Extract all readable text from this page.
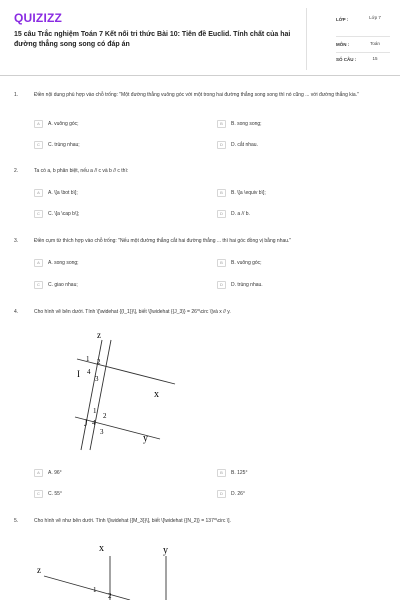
QUIZIZZ
15 câu Trắc nghiệm Toán 7 Kết nối tri thức Bài 10: Tiên đề Euclid. Tính chất của hai đường thẳng song song có đáp án
LỚP :	Lớp 7
MÔN :	Toán
SỐ CÂU :	15
1.	Điền nội dung phù hợp vào chỗ trống: "Một đường thẳng vuông góc với một trong hai đường thẳng song song thì nó cũng ... với đường thẳng kia."
A	A. vuông góc;	B	B. song song;
C	C. trùng nhau;	D	D. cắt nhau.
2.	Ta có a, b phân biệt, nếu a // c và b // c thì:
A	A. \[a \bot b\];	B	B. \[a \equiv b\];
C	C. \[a \cap b\];	D	D. a // b.
3.	Điền cụm từ thích hợp vào chỗ trống: "Nếu một đường thẳng cắt hai đường thẳng ... thì hai góc đồng vị bằng nhau."
A	A. song song;	B	B. vuông góc;
C	C. giao nhau;	D	D. trùng nhau.
4.	Cho hình vẽ bên dưới. Tính \[\widehat {{I_1}}\], biết \[\widehat {{J_3}} = 26^\circ \]và x // y.
z
x
y
I
J
1 2
4
3
1
2
4
3
A	A. 96°	B	B. 125°
C	C. 55°	D	D. 26°
5.	Cho hình vẽ như bên dưới. Tính \[\widehat {{M_3}}\], biết \[\widehat {{N_2}} = 137^\circ \].
x	y
z
1
2
